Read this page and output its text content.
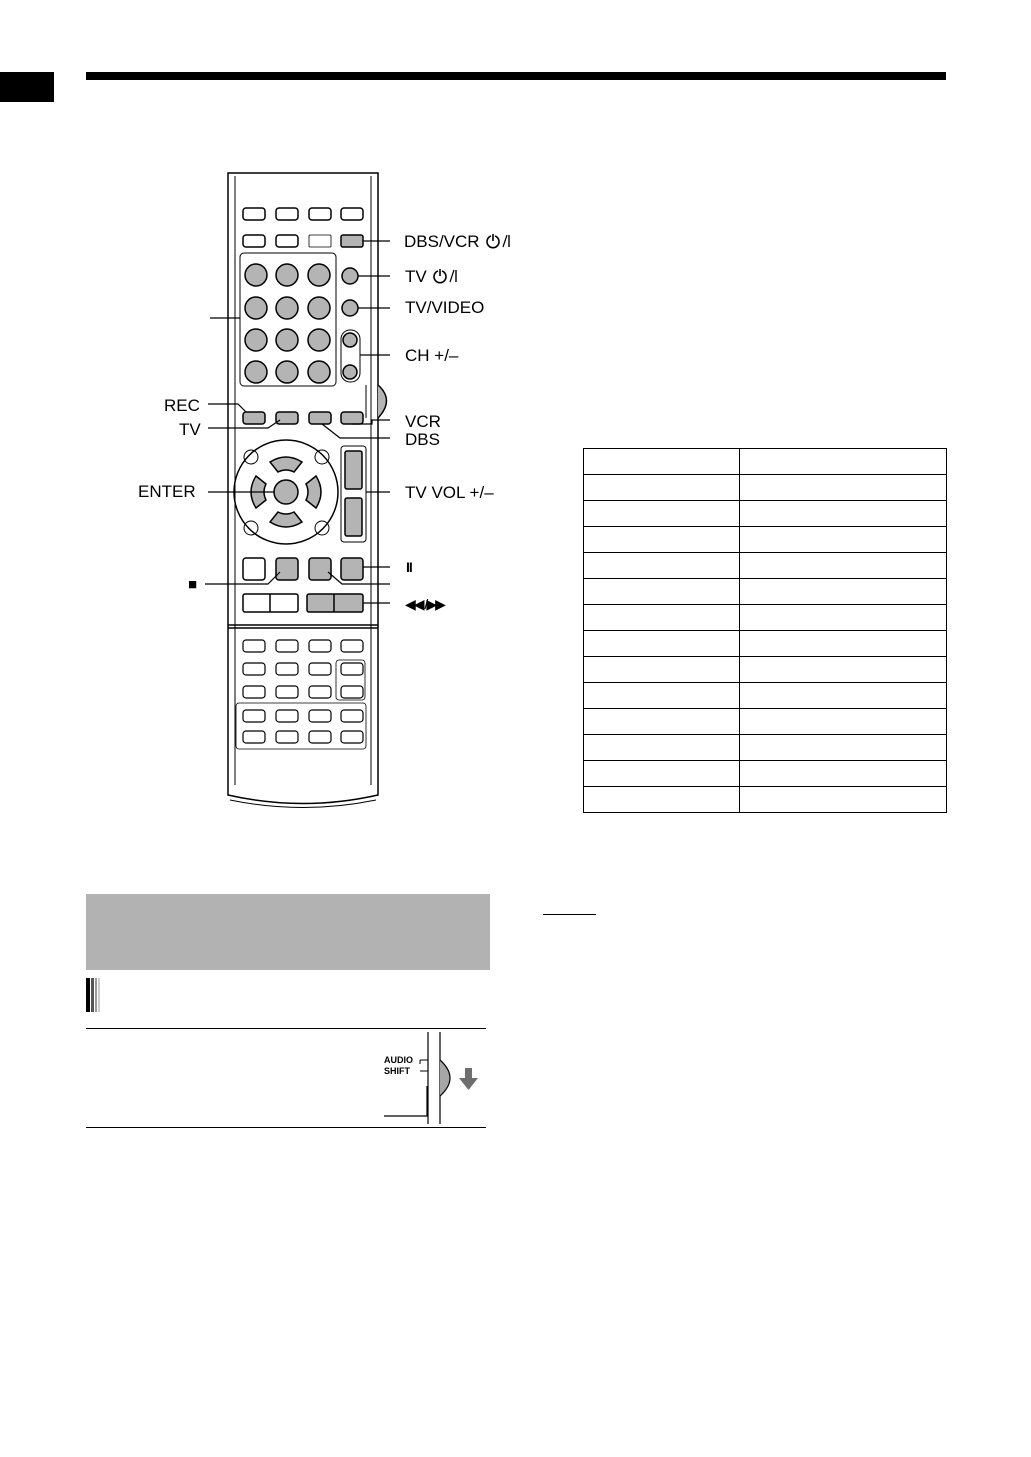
DBS/VCR
TV
TV/VIDEO
CH +/–
REC
TV	VCR
DBS
ENTER	TV VOL +/–
II
■
◀◀ /▶▶

AUDIO
SHIFT
